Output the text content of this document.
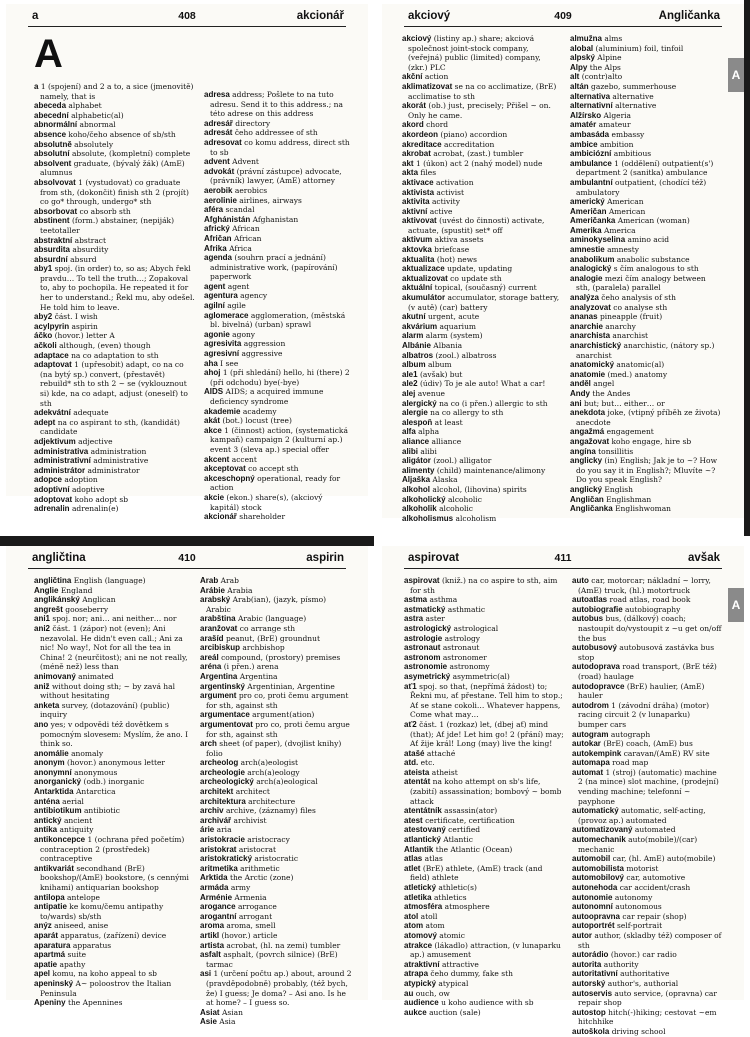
a	408	akcionář
A

a 1 (spojení) and 2 a to, a sice (jmenovitě) namely, that is

abeceda alphabet

abecední alphabetic(al)

abnormální abnormal

absence koho/čeho absence of sb/sth

absolutně absolutely

absolutní absolute, (kompletní) complete

absolvent graduate, (bývalý žák) (AmE) alumnus

absolvovat 1 (vystudovat) co graduate from sth, (dokončit) finish sth 2 (projít) co go* through, undergo* sth

absorbovat co absorb sth

abstinent (form.) abstainer, (nepiják) teetotaller

abstraktní abstract

absurdita absurdity

absurdní absurd

aby1 spoj. (in order) to, so as; Abych řekl pravdu… To tell the truth…; Zopakoval to, aby to pochopila. He repeated it for her to understand.; Řekl mu, aby odešel. He told him to leave.

aby2 část. I wish

acylpyrin aspirin

áčko (hovor.) letter A

ačkoli although, (even) though

adaptace na co adaptation to sth

adaptovat 1 (upřesobit) adapt, co na co (na bytý sp.) convert, (přestavět) rebuild* sth to sth 2 ~ se (vyklouznout si) kde, na co adapt, adjust (oneself) to sth

adekvátní adequate

adept na co aspirant to sth, (kandidát) candidate

adjektivum adjective

administrativa administration

administrativní administrative

administrátor administrator

adopce adoption

adoptivní adoptive

adoptovat koho adopt sb

adrenalin adrenalin(e)

adresa address; Pošlete to na tuto adresu. Send it to this address.; na této adrese on this address

adresář directory

adresát čeho addressee of sth

adresovat co komu address, direct sth to sb

advent Advent

advokát (právní zástupce) advocate, (právník) lawyer, (AmE) attorney

aerobik aerobics

aerolinie airlines, airways

aféra scandal

Afghánistán Afghanistan

africký African

Afričan African

Afrika Africa

agenda (souhrn prací a jednání) administrative work, (papírování) paperwork

agent agent

agentura agency

agilní agile

aglomerace agglomeration, (městská bl. bivelná) (urban) sprawl

agonie agony

agresivita aggression

agresivní aggressive

aha I see

ahoj 1 (při shledání) hello, hi (there) 2 (při odchodu) bye(-bye)

AIDS AIDS; a acquired immune deficiency syndrome

akademie academy

akát (bot.) locust (tree)

akce 1 (činnost) action, (systematická kampaň) campaign 2 (kulturní ap.) event 3 (sleva ap.) special offer

akcent accent

akceptovat co accept sth

akceschopný operational, ready for action

akcie (ekon.) share(s), (akciový kapitál) stock

akcionář shareholder

akciový	409	Angličanka

akciový (listiny ap.) share; akciová společnost joint-stock company, (veřejná) public (limited) company, (zkr.) PLC

akční action

aklimatizovat se na co acclimatize, (BrE) acclimatise to sth

akorát (ob.) just, precisely; Přišel ~ on. Only he came.

akord chord

akordeon (piano) accordion

akreditace accreditation

akrobat acrobat, (zast.) tumbler

akt 1 (úkon) act 2 (nahý model) nude

akta files

aktivace activation

aktivista activist

aktivita activity

aktivní active

aktivovat (uvést do činnosti) activate, actuate, (spustit) set* off

aktivum aktiva assets

aktovka briefcase

aktualita (hot) news

aktualizace update, updating

aktualizovat co update sth

aktuální topical, (současný) current

akumulátor accumulator, storage battery, (v autě) (car) battery

akutní urgent, acute

akvárium aquarium

alarm alarm (system)

Albánie Albania

albatros (zool.) albatross

album album

ale1 (avšak) but

ale2 (údiv) To je ale auto! What a car!

alej avenue

alergický na co (i přen.) allergic to sth

alergie na co allergy to sth

alespoň at least

alfa alpha

aliance alliance

alibi alibi

aligátor (zool.) alligator

alimenty (child) maintenance/alimony

Aljaška Alaska

alkohol alcohol, (lihovina) spirits

alkoholický alcoholic

alkoholik alcoholic

alkoholismus alcoholism

almužna alms

alobal (aluminium) foil, tinfoil

alpský Alpine

Alpy the Alps

alt (contr)alto

altán gazebo, summerhouse

alternativa alternative

alternativní alternative

Alžírsko Algeria

amatér amateur

ambasáda embassy

ambice ambition

ambiciózní ambitious

ambulance 1 (oddělení) outpatient(s') department 2 (sanitka) ambulance

ambulantní outpatient, (chodící též) ambulatory

americký American

Američan American

Američanka American (woman)

Amerika America

aminokyselina amino acid

amnestie amnesty

anabolikum anabolic substance

analogický s čím analogous to sth

analogie mezi čím analogy between sth, (paralela) parallel

analýza čeho analysis of sth

analyzovat co analyse sth

ananas pineapple (fruit)

anarchie anarchy

anarchista anarchist

anarchistický anarchistic, (nátory sp.) anarchist

anatomický anatomic(al)

anatomie (med.) anatomy

anděl angel

Andy the Andes

ani but; but… either… or

anekdota joke, (vtipný příběh ze života) anecdote

angažmá engagement

angažovat koho engage, hire sb

angína tonsillitis

anglicky (in) English; Jak je to ~? How do you say it in English?; Mluvíte ~? Do you speak English?

anglický English

Angličan Englishman

Angličanka Englishwoman

A
angličtina	410	aspirin

angličtina English (language)

Anglie England

anglikánský Anglican

angrešt gooseberry

ani1 spoj. nor; ani… ani neither… nor

ani2 část. 1 (zápor) not (even); Ani nezavolal. He didn't even call.; Ani za nic! No way!, Not for all the tea in China! 2 (neurčitost); ani ne not really, (méně než) less than

animovaný animated

aniž without doing sth; ~ by zavá hal without hesitating

anketa survey, (dotazování) (public) inquiry

ano yes; v odpovědi též dovětkem s pomocným slovesem: Myslím, že ano. I think so.

anomálie anomaly

anonym (hovor.) anonymous letter

anonymní anonymous

anorganický (odb.) inorganic

Antarktida Antarctica

anténa aerial

antibiotikum antibiotic

antický ancient

antika antiquity

antikoncepce 1 (ochrana před početím) contraception 2 (prostředek) contraceptive

antikvariát secondhand (BrE) bookshop/(AmE) bookstore, (s cennými knihami) antiquarian bookshop

antilopa antelope

antipatie ke komu/čemu antipathy to/wards) sb/sth

anýz aniseed, anise

aparát apparatus, (zařízení) device

aparatura apparatus

apartmá suite

apatie apathy

apel komu, na koho appeal to sb

apeninský A~ poloostrov the Italian Peninsula

Apeniny the Apennines

Arab Arab

Arábie Arabia

arabský Arab(ian), (jazyk, písmo) Arabic

arabština Arabic (language)

aranžovat co arrange sth

arašíd peanut, (BrE) groundnut

arcibiskup archbishop

areál compound, (prostory) premises

aréna (i přen.) arena

Argentina Argentina

argentinský Argentinian, Argentine

argument pro co, proti čemu argument for sth, against sth

argumentace argument(ation)

argumentovat pro co, proti čemu argue for sth, against sth

arch sheet (of paper), (dvojlist knihy) folio

archeolog arch(a)eologist

archeologie arch(a)eology

archeologický arch(a)eological

architekt architect

architektura architecture

archiv archive, (záznamy) files

archivář archivist

árie aria

aristokracie aristocracy

aristokrat aristocrat

aristokratický aristocratic

aritmetika arithmetic

Arktida the Arctic (zone)

armáda army

Arménie Armenia

arogance arrogance

arogantní arrogant

aroma aroma, smell

artikl (hovor.) article

artista acrobat, (hl. na zemi) tumbler

asfalt asphalt, (povrch silnice) (BrE) tarmac

asi 1 (určení počtu ap.) about, around 2 (pravděpodobně) probably, (též bych, že) I guess; Je doma? – Asi ano. Is he at home? – I guess so.

Asiat Asian

Asie Asia

aspirovat	411	avšak

aspirovat (kniž.) na co aspire to sth, aim for sth

astma asthma

astmatický asthmatic

astra aster

astrologický astrological

astrologie astrology

astronaut astronaut

astronom astronomer

astronomie astronomy

asymetrický asymmetric(al)

ať1 spoj. so that, (nepřímá žádost) to; Řekni mu, ať přestane. Tell him to stop.; Ať se stane cokoli… Whatever happens, Come what may…

ať2 část. 1 (rozkaz) let, (dbej ať) mind (that); Ať jde! Let him go! 2 (přání) may; Ať žije král! Long (may) live the king!

atašé attaché

atd. etc.

ateista atheist

atentát na koho attempt on sb's life, (zabití) assassination; bombový ~ bomb attack

atentátník assassin(ator)

atest certificate, certification

atestovaný certified

atlantický Atlantic

Atlantik the Atlantic (Ocean)

atlas atlas

atlet (BrE) athlete, (AmE) track (and field) athlete

atletický athletic(s)

atletika athletics

atmosféra atmosphere

atol atoll

atom atom

atomový atomic

atrakce (lákadlo) attraction, (v lunaparku ap.) amusement

atraktivní attractive

atrapa čeho dummy, fake sth

atypický atypical

au ouch, ow

audience u koho audience with sb

aukce auction (sale)

auto car, motorcar; nákladní ~ lorry, (AmE) truck, (hl.) motortruck

autoatlas road atlas, road book

autobiografie autobiography

autobus bus, (dálkový) coach; nastoupit do/vystoupit z ~u get on/off the bus

autobusový autobusová zastávka bus stop

autodoprava road transport, (BrE též) (road) haulage

autodopravce (BrE) haulier, (AmE) hauler

autodrom 1 (závodní dráha) (motor) racing circuit 2 (v lunaparku) bumper cars

autogram autograph

autokar (BrE) coach, (AmE) bus

autokempink caravan/(AmE) RV site

automapa road map

automat 1 (stroj) (automatic) machine 2 (na mince) slot machine, (prodejní) vending machine; telefonní ~ payphone

automatický automatic, self-acting, (provoz ap.) automated

automatizovaný automated

automechanik auto(mobile)/(car) mechanic

automobil car, (hl. AmE) auto(mobile)

automobilista motorist

automobilový car, automotive

autonehoda car accident/crash

autonomie autonomy

autonomní autonomous

autoopravna car repair (shop)

autoportrét self-portrait

autor author, (skladby též) composer of sth

autorádio (hovor.) car radio

autorita authority

autoritativní authoritative

autorský author's, authorial

autoservis auto service, (opravna) car repair shop

autostop hitch(-)hiking; cestovat ~em hitchhike

autoškola driving school

A
